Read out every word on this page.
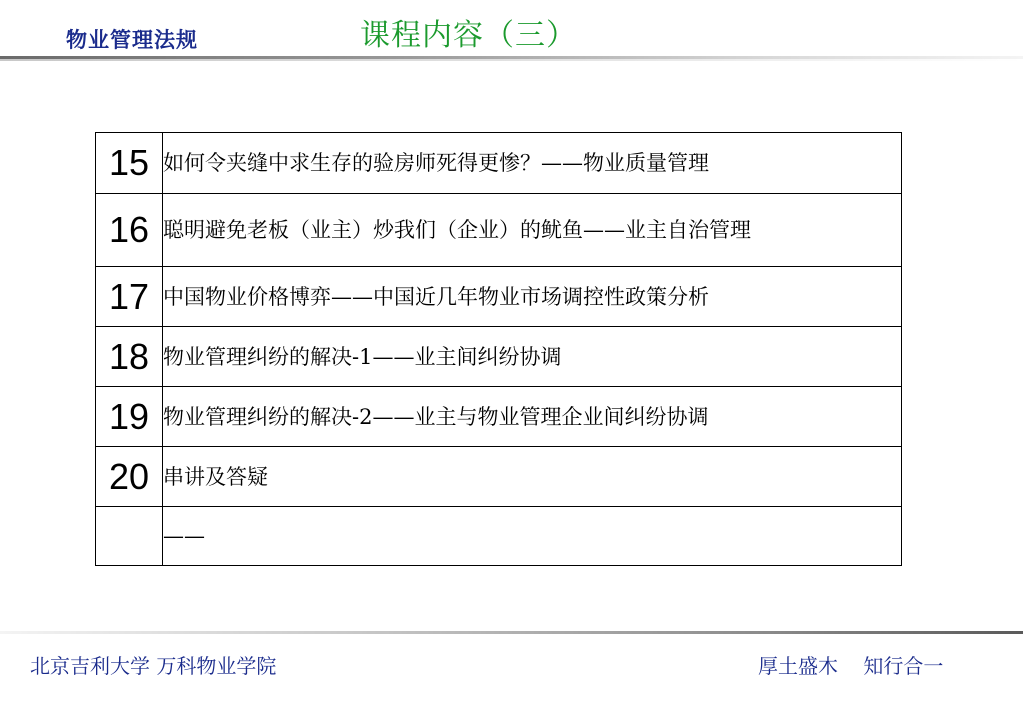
物业管理法规	课程内容（三）
15	如何令夹缝中求生存的验房师死得更惨？——物业质量管理
16	聪明避免老板（业主）炒我们（企业）的鱿鱼——业主自治管理
17	中国物业价格博弈——中国近几年物业市场调控性政策分析
18	物业管理纠纷的解决-1——业主间纠纷协调
19	物业管理纠纷的解决-2——业主与物业管理企业间纠纷协调
20	串讲及答疑
	——
北京吉利大学 万科物业学院	厚土盛木    知行合一
